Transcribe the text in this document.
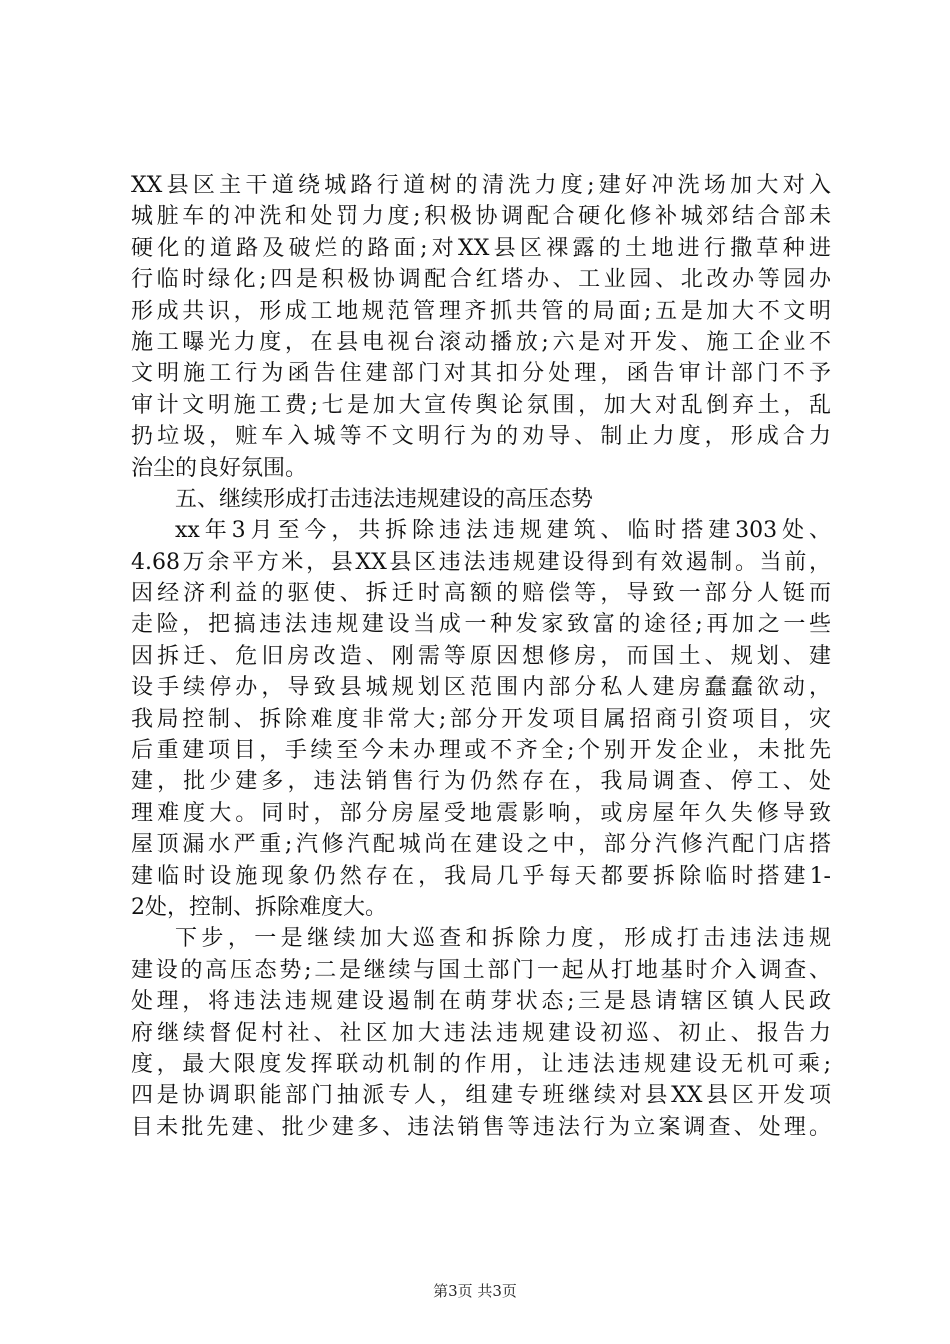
XX县区主干道绕城路行道树的清洗力度;建好冲洗场加大对入
城脏车的冲洗和处罚力度;积极协调配合硬化修补城郊结合部未
硬化的道路及破烂的路面;对XX县区裸露的土地进行撒草种进
行临时绿化;四是积极协调配合红塔办、工业园、北改办等园办
形成共识，形成工地规范管理齐抓共管的局面;五是加大不文明
施工曝光力度，在县电视台滚动播放;六是对开发、施工企业不
文明施工行为函告住建部门对其扣分处理，函告审计部门不予
审计文明施工费;七是加大宣传舆论氛围，加大对乱倒弃土，乱
扔垃圾，赃车入城等不文明行为的劝导、制止力度，形成合力
治尘的良好氛围。
五、继续形成打击违法违规建设的高压态势
xx年3月至今，共拆除违法违规建筑、临时搭建303处、
4.68万余平方米，县XX县区违法违规建设得到有效遏制。当前，
因经济利益的驱使、拆迁时高额的赔偿等，导致一部分人铤而
走险，把搞违法违规建设当成一种发家致富的途径;再加之一些
因拆迁、危旧房改造、刚需等原因想修房，而国土、规划、建
设手续停办，导致县城规划区范围内部分私人建房蠢蠢欲动，
我局控制、拆除难度非常大;部分开发项目属招商引资项目，灾
后重建项目，手续至今未办理或不齐全;个别开发企业，未批先
建，批少建多，违法销售行为仍然存在，我局调查、停工、处
理难度大。同时，部分房屋受地震影响，或房屋年久失修导致
屋顶漏水严重;汽修汽配城尚在建设之中，部分汽修汽配门店搭
建临时设施现象仍然存在，我局几乎每天都要拆除临时搭建1-
2处，控制、拆除难度大。
下步，一是继续加大巡查和拆除力度，形成打击违法违规
建设的高压态势;二是继续与国土部门一起从打地基时介入调查、
处理，将违法违规建设遏制在萌芽状态;三是恳请辖区镇人民政
府继续督促村社、社区加大违法违规建设初巡、初止、报告力
度，最大限度发挥联动机制的作用，让违法违规建设无机可乘;
四是协调职能部门抽派专人，组建专班继续对县XX县区开发项
目未批先建、批少建多、违法销售等违法行为立案调查、处理。
第3页 共3页
